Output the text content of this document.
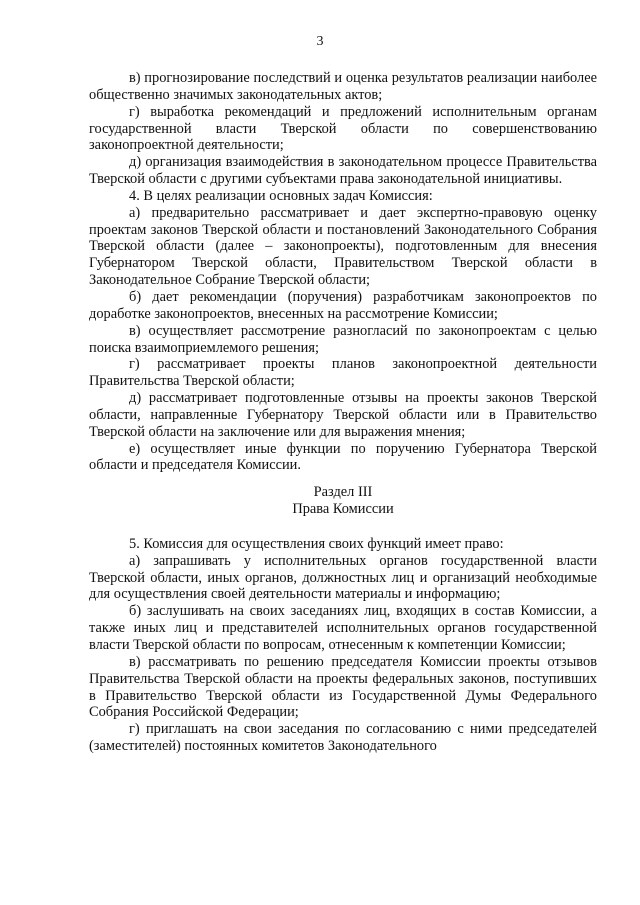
3

в) прогнозирование последствий и оценка результатов реализации наиболее общественно значимых законодательных актов;

г) выработка рекомендаций и предложений исполнительным органам государственной власти Тверской области по совершенствованию законопроектной деятельности;

д) организация взаимодействия в законодательном процессе Правительства Тверской области с другими субъектами права законодательной инициативы.

4. В целях реализации основных задач Комиссия:

а) предварительно рассматривает и дает экспертно-правовую оценку проектам законов Тверской области и постановлений Законодательного Собрания Тверской области (далее – законопроекты), подготовленным для внесения Губернатором Тверской области, Правительством Тверской области в Законодательное Собрание Тверской области;

б) дает рекомендации (поручения) разработчикам законопроектов по доработке законопроектов, внесенных на рассмотрение Комиссии;

в) осуществляет рассмотрение разногласий по законопроектам с целью поиска взаимоприемлемого решения;

г) рассматривает проекты планов законопроектной деятельности Правительства Тверской области;

д) рассматривает подготовленные отзывы на проекты законов Тверской области, направленные Губернатору Тверской области или в Правительство Тверской области на заключение или для выражения мнения;

е) осуществляет иные функции по поручению Губернатора Тверской области и председателя Комиссии.

Раздел III

Права Комиссии

5. Комиссия для осуществления своих функций имеет право:

а) запрашивать у исполнительных органов государственной власти Тверской области, иных органов, должностных лиц и организаций необходимые для осуществления своей деятельности материалы и информацию;

б) заслушивать на своих заседаниях лиц, входящих в состав Комиссии, а также иных лиц и представителей исполнительных органов государственной власти Тверской области по вопросам, отнесенным к компетенции Комиссии;

в) рассматривать по решению председателя Комиссии проекты отзывов Правительства Тверской области на проекты федеральных законов, поступивших в Правительство Тверской области из Государственной Думы Федерального Собрания Российской Федерации;

г) приглашать на свои заседания по согласованию с ними председателей (заместителей) постоянных комитетов Законодательного
